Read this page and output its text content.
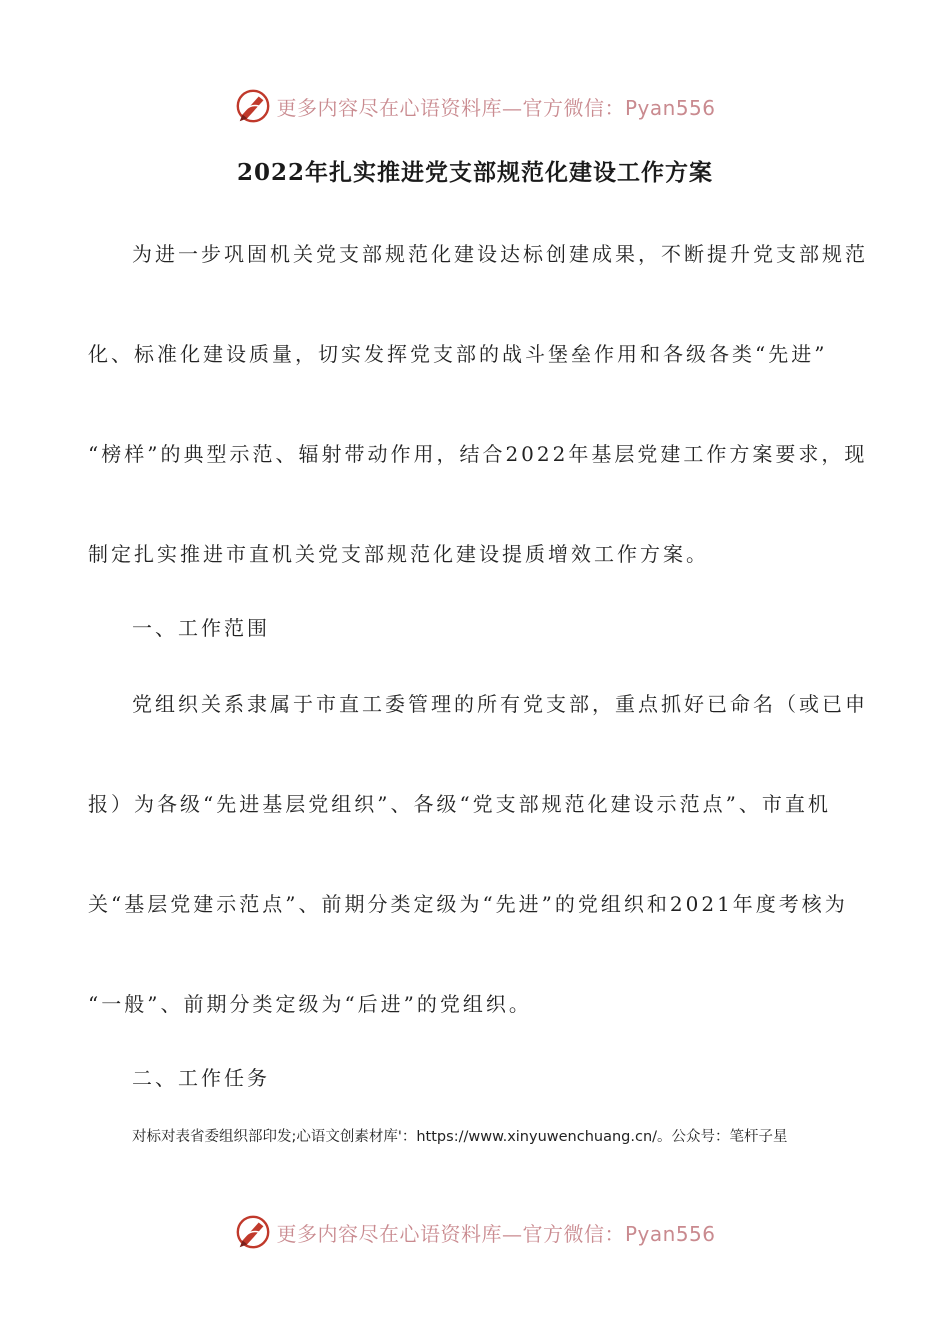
更多内容尽在心语资料库—官方微信：Pyan556
2022年扎实推进党支部规范化建设工作方案
为进一步巩固机关党支部规范化建设达标创建成果，不断提升党支部规范
化、标准化建设质量，切实发挥党支部的战斗堡垒作用和各级各类“先进”
“榜样”的典型示范、辐射带动作用，结合2022年基层党建工作方案要求，现
制定扎实推进市直机关党支部规范化建设提质增效工作方案。
一、工作范围
党组织关系隶属于市直工委管理的所有党支部，重点抓好已命名（或已申
报）为各级“先进基层党组织”、各级“党支部规范化建设示范点”、市直机
关“基层党建示范点”、前期分类定级为“先进”的党组织和2021年度考核为
“一般”、前期分类定级为“后进”的党组织。
二、工作任务
对标对表省委组织部印发;心语文创素材库'：https://www.xinyuwenchuang.cn/。公众号：笔杆子星
更多内容尽在心语资料库—官方微信：Pyan556
